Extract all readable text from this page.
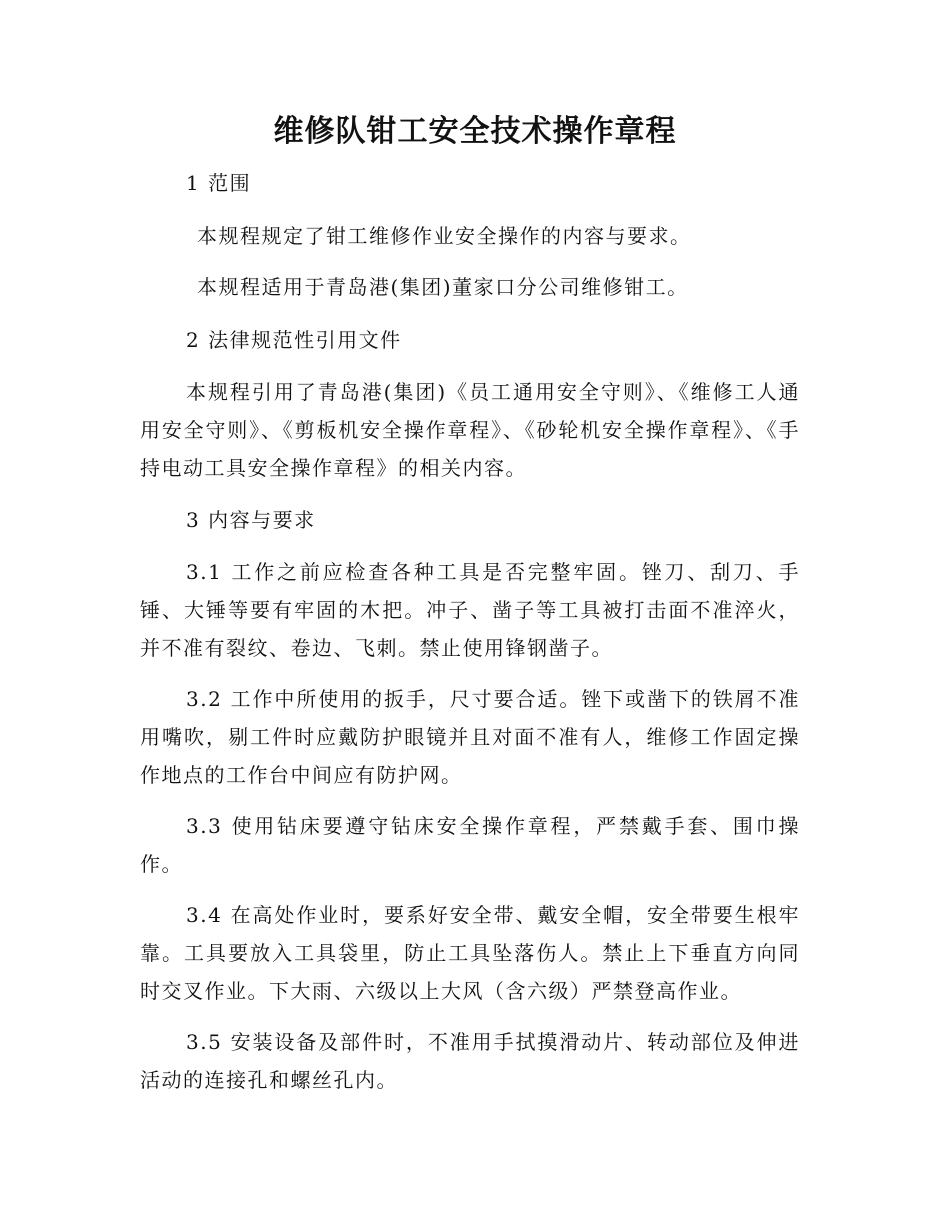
维修队钳工安全技术操作章程
1 范围
本规程规定了钳工维修作业安全操作的内容与要求。
本规程适用于青岛港(集团)董家口分公司维修钳工。
2 法律规范性引用文件
本规程引用了青岛港(集团)《员工通用安全守则》、《维修工人通用安全守则》、《剪板机安全操作章程》、《砂轮机安全操作章程》、《手持电动工具安全操作章程》的相关内容。
3 内容与要求
3.1 工作之前应检查各种工具是否完整牢固。锉刀、刮刀、手锤、大锤等要有牢固的木把。冲子、凿子等工具被打击面不准淬火，并不准有裂纹、卷边、飞刺。禁止使用锋钢凿子。
3.2 工作中所使用的扳手，尺寸要合适。锉下或凿下的铁屑不准用嘴吹，剔工件时应戴防护眼镜并且对面不准有人，维修工作固定操作地点的工作台中间应有防护网。
3.3 使用钻床要遵守钻床安全操作章程，严禁戴手套、围巾操作。
3.4 在高处作业时，要系好安全带、戴安全帽，安全带要生根牢靠。工具要放入工具袋里，防止工具坠落伤人。禁止上下垂直方向同时交叉作业。下大雨、六级以上大风（含六级）严禁登高作业。
3.5 安装设备及部件时，不准用手拭摸滑动片、转动部位及伸进活动的连接孔和螺丝孔内。
